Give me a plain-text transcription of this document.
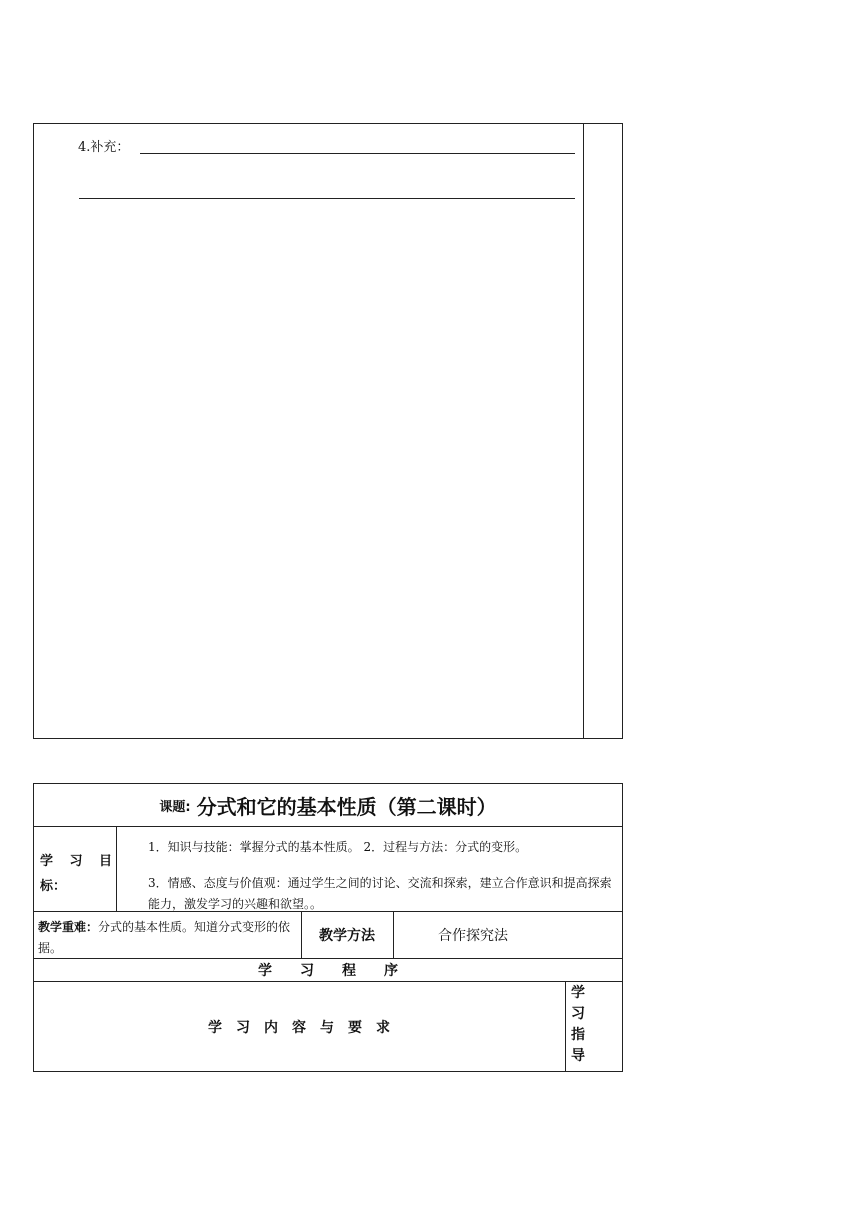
4.补充：
课题: 分式和它的基本性质（第二课时）
学 习 目 标：
1．知识与技能：掌握分式的基本性质。 2．过程与方法：分式的变形。
3．情感、态度与价值观：通过学生之间的讨论、交流和探索，建立合作意识和提高探索能力，激发学习的兴趣和欲望。。
教学重难：分式的基本性质。知道分式变形的依据。
教学方法	合作探究法
学　　习　　程　　序
学　习　内　容　与　要　求
学习指导
